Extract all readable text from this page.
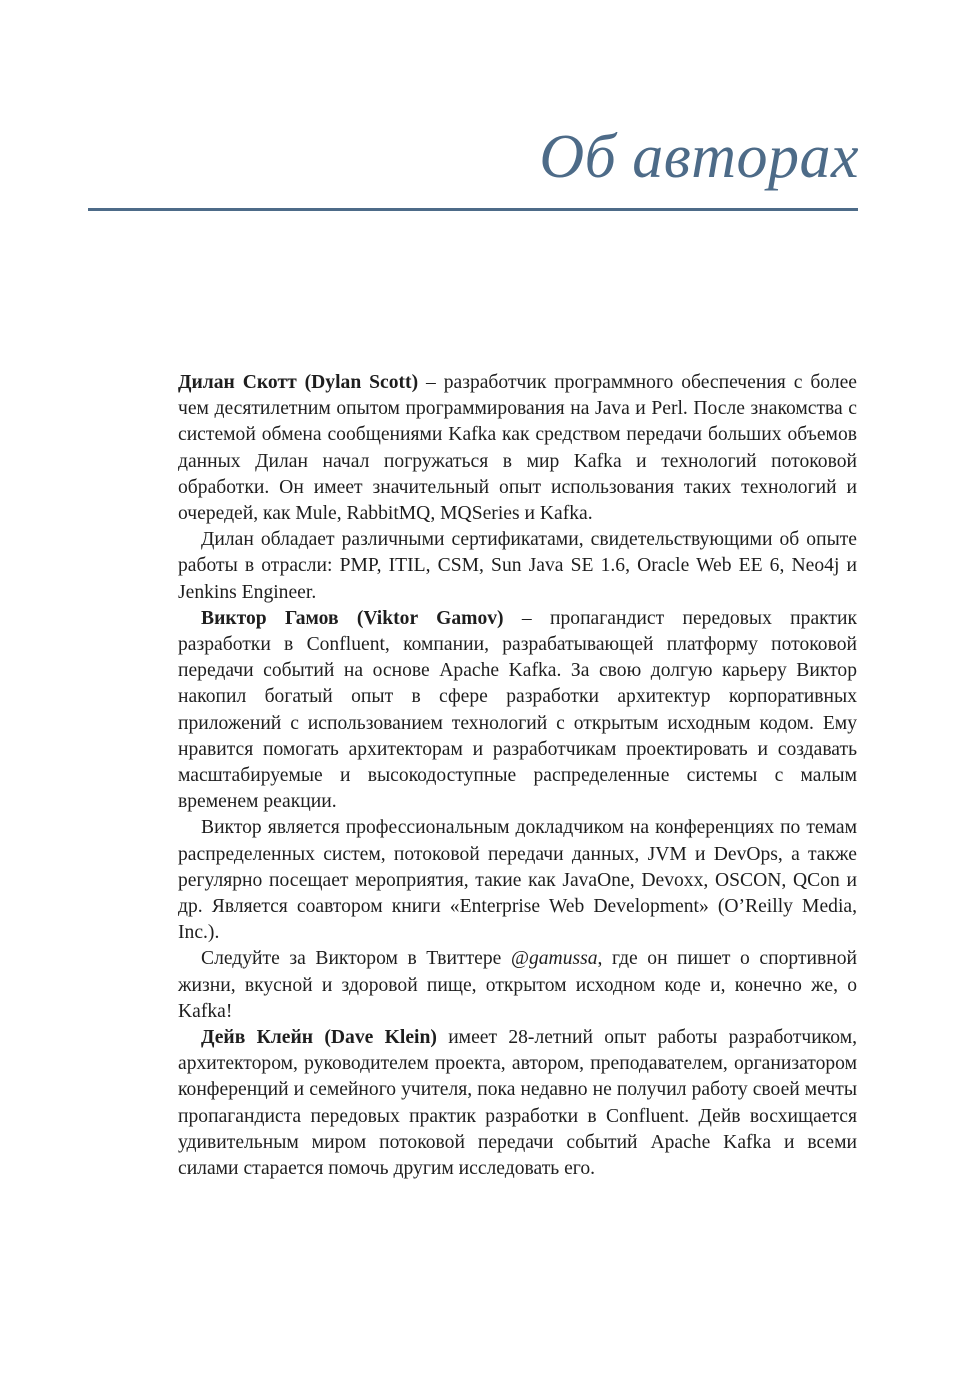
Об авторах

Дилан Скотт (Dylan Scott) – разработчик программного обеспечения с более чем десятилетним опытом программирования на Java и Perl. После знакомства с системой обмена сообщениями Kafka как средством передачи больших объемов данных Дилан начал погружаться в мир Kafka и технологий потоковой обработки. Он имеет значительный опыт использования таких технологий и очередей, как Mule, RabbitMQ, MQSeries и Kafka.

Дилан обладает различными сертификатами, свидетельствующими об опыте работы в отрасли: PMP, ITIL, CSM, Sun Java SE 1.6, Oracle Web EE 6, Neo4j и Jenkins Engineer.

Виктор Гамов (Viktor Gamov) – пропагандист передовых практик разработки в Confluent, компании, разрабатывающей платформу потоковой передачи событий на основе Apache Kafka. За свою долгую карьеру Виктор накопил богатый опыт в сфере разработки архитектур корпоративных приложений с использованием технологий с открытым исходным кодом. Ему нравится помогать архитекторам и разработчикам проектировать и создавать масштабируемые и высокодоступные распределенные системы с малым временем реакции.

Виктор является профессиональным докладчиком на конференциях по темам распределенных систем, потоковой передачи данных, JVM и DevOps, а также регулярно посещает мероприятия, такие как JavaOne, Devoxx, OSCON, QCon и др. Является соавтором книги «Enterprise Web Development» (O’Reilly Media, Inc.).

Следуйте за Виктором в Твиттере @gamussa, где он пишет о спортивной жизни, вкусной и здоровой пище, открытом исходном коде и, конечно же, о Kafka!

Дейв Клейн (Dave Klein) имеет 28-летний опыт работы разработчиком, архитектором, руководителем проекта, автором, преподавателем, организатором конференций и семейного учителя, пока недавно не получил работу своей мечты пропагандиста передовых практик разработки в Confluent. Дейв восхищается удивительным миром потоковой передачи событий Apache Kafka и всеми силами старается помочь другим исследовать его.
